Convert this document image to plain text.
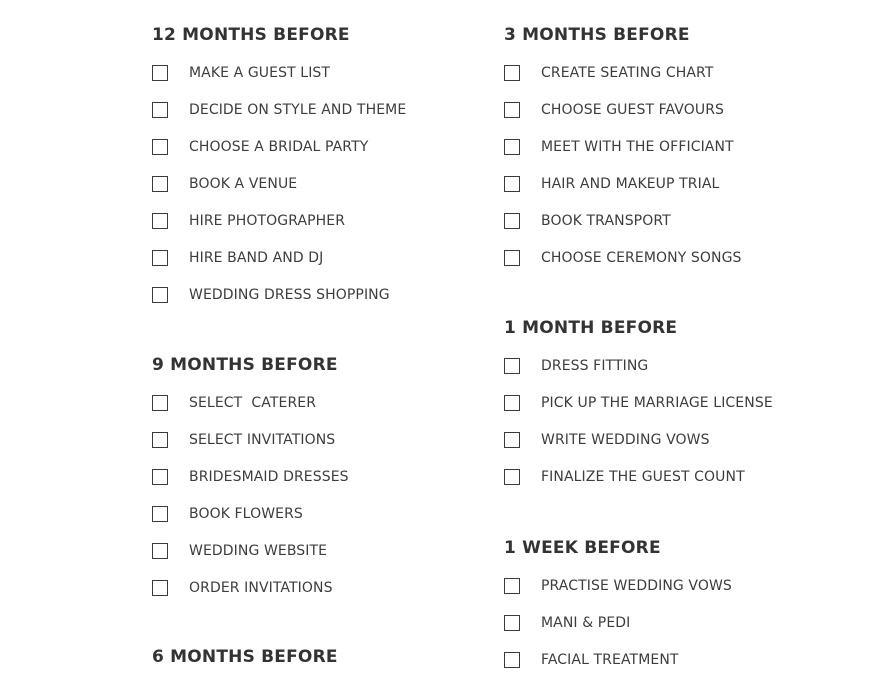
12 MONTHS BEFORE
MAKE A GUEST LIST
DECIDE ON STYLE AND THEME
CHOOSE A BRIDAL PARTY
BOOK A VENUE
HIRE PHOTOGRAPHER
HIRE BAND AND DJ
WEDDING DRESS SHOPPING
9 MONTHS BEFORE
SELECT  CATERER
SELECT INVITATIONS
BRIDESMAID DRESSES
BOOK FLOWERS
WEDDING WEBSITE
ORDER INVITATIONS
6 MONTHS BEFORE
3 MONTHS BEFORE
CREATE SEATING CHART
CHOOSE GUEST FAVOURS
MEET WITH THE OFFICIANT
HAIR AND MAKEUP TRIAL
BOOK TRANSPORT
CHOOSE CEREMONY SONGS
1 MONTH BEFORE
DRESS FITTING
PICK UP THE MARRIAGE LICENSE
WRITE WEDDING VOWS
FINALIZE THE GUEST COUNT
1 WEEK BEFORE
PRACTISE WEDDING VOWS
MANI & PEDI
FACIAL TREATMENT
